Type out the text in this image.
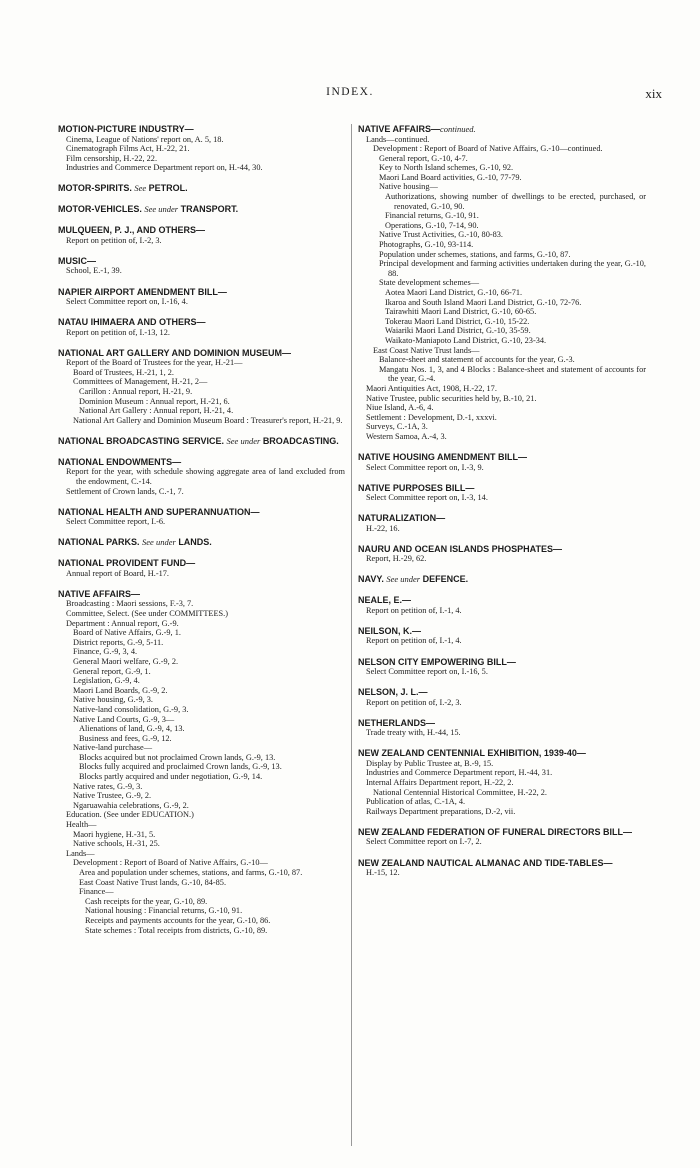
INDEX.	xix
MOTION-PICTURE INDUSTRY—
Cinema, League of Nations' report on, A. 5, 18.
Cinematograph Films Act, H.-22, 21.
Film censorship, H.-22, 22.
Industries and Commerce Department report on, H.-44, 30.
MOTOR-SPIRITS. See PETROL.
MOTOR-VEHICLES. See under TRANSPORT.
MULQUEEN, P. J., AND OTHERS—
Report on petition of, I.-2, 3.
MUSIC—
School, E.-1, 39.
NAPIER AIRPORT AMENDMENT BILL—
Select Committee report on, I.-16, 4.
NATAU IHIMAERA AND OTHERS—
Report on petition of, I.-13, 12.
NATIONAL ART GALLERY AND DOMINION MUSEUM—
Report of the Board of Trustees for the year, H.-21—
Board of Trustees, H.-21, 1, 2.
Committees of Management, H.-21, 2—
Carillon : Annual report, H.-21, 9.
Dominion Museum : Annual report, H.-21, 6.
National Art Gallery : Annual report, H.-21, 4.
National Art Gallery and Dominion Museum Board : Treasurer's report, H.-21, 9.
NATIONAL BROADCASTING SERVICE. See under BROADCASTING.
NATIONAL ENDOWMENTS—
Report for the year, with schedule showing aggregate area of land excluded from the endowment, C.-14.
Settlement of Crown lands, C.-1, 7.
NATIONAL HEALTH AND SUPERANNUATION—
Select Committee report, I.-6.
NATIONAL PARKS. See under LANDS.
NATIONAL PROVIDENT FUND—
Annual report of Board, H.-17.
NATIVE AFFAIRS—
Broadcasting : Maori sessions, F.-3, 7.
Committee, Select. (See under COMMITTEES.)
Department : Annual report, G.-9.
Board of Native Affairs, G.-9, 1.
District reports, G.-9, 5-11.
Finance, G.-9, 3, 4.
General Maori welfare, G.-9, 2.
General report, G.-9, 1.
Legislation, G.-9, 4.
Maori Land Boards, G.-9, 2.
Native housing, G.-9, 3.
Native-land consolidation, G.-9, 3.
Native Land Courts, G.-9, 3—
Alienations of land, G.-9, 4, 13.
Business and fees, G.-9, 12.
Native-land purchase—
Blocks acquired but not proclaimed Crown lands, G.-9, 13.
Blocks fully acquired and proclaimed Crown lands, G.-9, 13.
Blocks partly acquired and under negotiation, G.-9, 14.
Native rates, G.-9, 3.
Native Trustee, G.-9, 2.
Ngaruawahia celebrations, G.-9, 2.
Education. (See under EDUCATION.)
Health—
Maori hygiene, H.-31, 5.
Native schools, H.-31, 25.
Lands—
Development : Report of Board of Native Affairs, G.-10—
Area and population under schemes, stations, and farms, G.-10, 87.
East Coast Native Trust lands, G.-10, 84-85.
Finance—
Cash receipts for the year, G.-10, 89.
National housing : Financial returns, G.-10, 91.
Receipts and payments accounts for the year, G.-10, 86.
State schemes : Total receipts from districts, G.-10, 89.
NATIVE AFFAIRS—continued.
Lands—continued.
Development : Report of Board of Native Affairs, G.-10—continued.
General report, G.-10, 4-7.
Key to North Island schemes, G.-10, 92.
Maori Land Board activities, G.-10, 77-79.
Native housing—
Authorizations, showing number of dwellings to be erected, purchased, or renovated, G.-10, 90.
Financial returns, G.-10, 91.
Operations, G.-10, 7-14, 90.
Native Trust Activities, G.-10, 80-83.
Photographs, G.-10, 93-114.
Population under schemes, stations, and farms, G.-10, 87.
Principal development and farming activities undertaken during the year, G.-10, 88.
State development schemes—
Aotea Maori Land District, G.-10, 66-71.
Ikaroa and South Island Maori Land District, G.-10, 72-76.
Tairawhiti Maori Land District, G.-10, 60-65.
Tokerau Maori Land District, G.-10, 15-22.
Waiariki Maori Land District, G.-10, 35-59.
Waikato-Maniapoto Land District, G.-10, 23-34.
East Coast Native Trust lands—
Balance-sheet and statement of accounts for the year, G.-3.
Mangatu Nos. 1, 3, and 4 Blocks : Balance-sheet and statement of accounts for the year, G.-4.
Maori Antiquities Act, 1908, H.-22, 17.
Native Trustee, public securities held by, B.-10, 21.
Niue Island, A.-6, 4.
Settlement : Development, D.-1, xxxvi.
Surveys, C.-1A, 3.
Western Samoa, A.-4, 3.
NATIVE HOUSING AMENDMENT BILL—
Select Committee report on, I.-3, 9.
NATIVE PURPOSES BILL—
Select Committee report on, I.-3, 14.
NATURALIZATION—
H.-22, 16.
NAURU AND OCEAN ISLANDS PHOSPHATES—
Report, H.-29, 62.
NAVY. See under DEFENCE.
NEALE, E.—
Report on petition of, I.-1, 4.
NEILSON, K.—
Report on petition of, I.-1, 4.
NELSON CITY EMPOWERING BILL—
Select Committee report on, I.-16, 5.
NELSON, J. L.—
Report on petition of, I.-2, 3.
NETHERLANDS—
Trade treaty with, H.-44, 15.
NEW ZEALAND CENTENNIAL EXHIBITION, 1939-40—
Display by Public Trustee at, B.-9, 15.
Industries and Commerce Department report, H.-44, 31.
Internal Affairs Department report, H.-22, 2.
National Centennial Historical Committee, H.-22, 2.
Publication of atlas, C.-1A, 4.
Railways Department preparations, D.-2, vii.
NEW ZEALAND FEDERATION OF FUNERAL DIRECTORS BILL—
Select Committee report on I.-7, 2.
NEW ZEALAND NAUTICAL ALMANAC AND TIDE-TABLES—
H.-15, 12.
